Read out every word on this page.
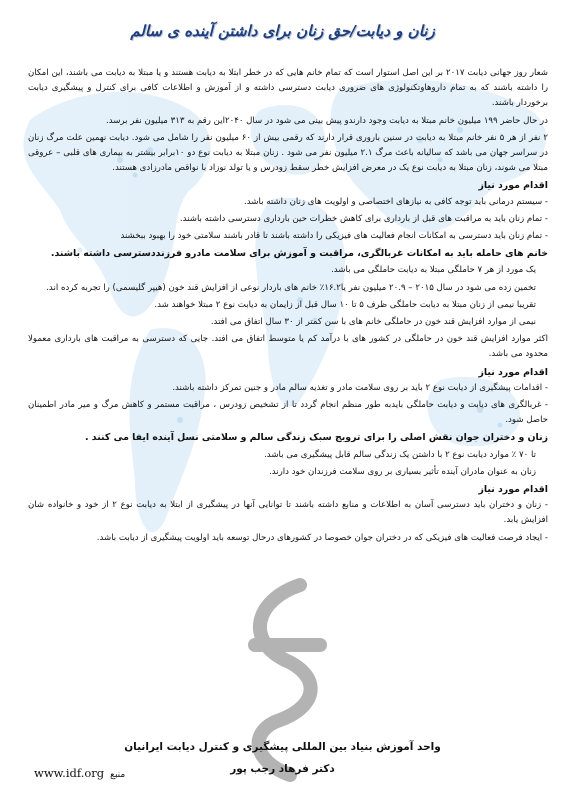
زنان و دیابت/حق زنان برای داشتن آینده ی سالم

شعار روز جهانی دیابت ۲۰۱۷ بر این اصل استوار است که تمام خانم هایی که در خطر ابتلا به دیابت هستند و یا مبتلا به دیابت می باشند، این امکان را داشته باشند که به تمام داروهاوتکنولوژی های ضروری دیابت دسترسی داشته و از آموزش و اطلاعات کافی برای کنترل و پیشگیری دیابت برخوردار باشند.

در حال حاضر ۱۹۹ میلیون خانم مبتلا به دیابت وجود دارندو پیش بینی می شود در سال ۲۰۴۰این رقم به ۳۱۳ میلیون نفر برسد.

۲ نفر از هر ۵ نفر خانم مبتلا به دیابت در سنین باروری قرار دارند که رقمی بیش از ۶۰ میلیون نفر را شامل می شود. دیابت نهمین علت مرگ زنان در سراسر جهان می باشد که سالیانه باعث مرگ ۲.۱ میلیون نفر می شود . زنان مبتلا به دیابت نوع دو ۱۰برابر بیشتر به بیماری های قلبی – عروقی مبتلا می شوند، زنان مبتلا به دیابت نوع یک در معرض افزایش خطر سقط زودرس و یا تولد نوزاد با نواقص مادرزادی هستند.

اقدام مورد نیاز

- سیستم درمانی باید توجه کافی به نیازهای اختصاصی و اولویت های زنان داشته باشد.

- تمام زنان باید به مراقبت های قبل از بارداری برای کاهش خطرات حین بارداری دسترسی داشته باشند.

- تمام زنان باید دسترسی به امکانات انجام فعالیت های فیزیکی را داشته باشند تا قادر باشند سلامتی خود را بهبود ببخشند

خانم های حامله باید به امکانات غربالگری، مراقبت و آموزش برای سلامت مادرو فرزنددسترسی داشته باشند.

یک مورد از هر ۷ حاملگی مبتلا به دیابت حاملگی می باشد.

تخمین زده می شود در سال ۲۰۱۵ – ۲۰.۹ میلیون نفر یا۱۶.۲٪ خانم های باردار نوعی از افزایش قند خون (هیپر گلیسمی) را تجربه کرده اند.

تقریبا نیمی از زنان مبتلا به دیابت حاملگی ظرف ۵ تا ۱۰ سال قبل از زایمان به دیابت نوع ۲ مبتلا خواهند شد.

نیمی از موارد افزایش قند خون در حاملگی خانم های با سن کمتر از ۳۰ سال اتفاق می افتد.

اکثر موارد افزایش قند خون در حاملگی در کشور های با درآمد کم یا متوسط اتفاق می افتد. جایی که دسترسی به مراقبت های بارداری معمولا محدود می باشد.

اقدام مورد نیاز

- اقدامات پیشگیری از دیابت نوع ۲ باید بر روی سلامت مادر و تغذیه سالم مادر و جنین تمرکز داشته باشند.

- غربالگری های دیابت و دیابت حاملگی بایدبه طور منظم انجام گردد تا از تشخیص زودرس ، مراقبت مستمر و کاهش مرگ و میر مادر اطمینان حاصل شود.

زنان و دختران جوان نقش اصلی را برای ترویج سبک زندگی سالم و سلامتی نسل آینده ایفا می کنند .

تا ۷۰ ٪ موارد دیابت نوع ۲ با داشتن یک زندگی سالم قابل پیشگیری می باشد.

زنان به عنوان مادران آینده تأثیر بسیاری بر روی سلامت فرزندان خود دارند.

اقدام مورد نیاز

- زنان و دختران باید دسترسی آسان به اطلاعات و منابع داشته باشند تا توانایی آنها در پیشگیری از ابتلا به دیابت نوع ۲ از خود و خانواده شان افزایش یابد.

- ایجاد فرصت فعالیت های فیزیکی که در دختران جوان خصوصا در کشورهای درحال توسعه باید اولویت پیشگیری از دیابت باشد.

واحد آموزش بنیاد بین المللی پیشگیری و کنترل دیابت ایرانیان
دکتر فرهاد رجب پور
www.idf.org منبع
